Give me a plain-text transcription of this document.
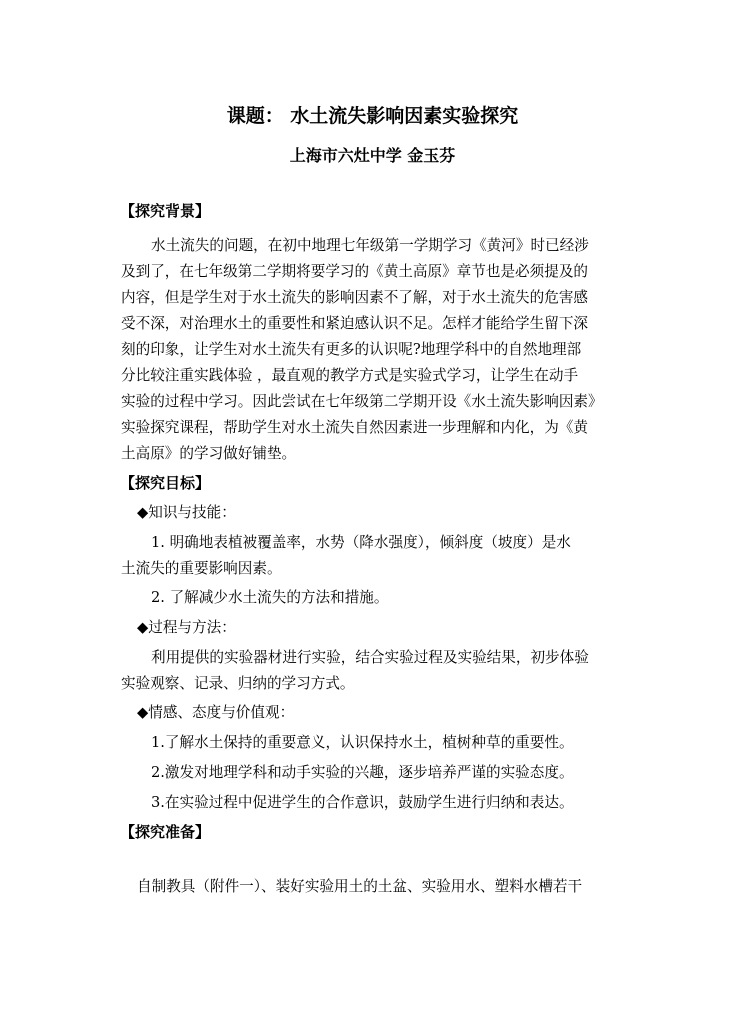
课题： 水土流失影响因素实验探究
上海市六灶中学 金玉芬
【探究背景】
水土流失的问题，在初中地理七年级第一学期学习《黄河》时已经涉
及到了，在七年级第二学期将要学习的《黄土高原》章节也是必须提及的
内容，但是学生对于水土流失的影响因素不了解，对于水土流失的危害感
受不深，对治理水土的重要性和紧迫感认识不足。怎样才能给学生留下深
刻的印象，让学生对水土流失有更多的认识呢?地理学科中的自然地理部
分比较注重实践体验 ，最直观的教学方式是实验式学习，让学生在动手
实验的过程中学习。因此尝试在七年级第二学期开设《水土流失影响因素》
实验探究课程，帮助学生对水土流失自然因素进一步理解和内化，为《黄
土高原》的学习做好铺垫。
【探究目标】
◆知识与技能：
1. 明确地表植被覆盖率，水势（降水强度），倾斜度（坡度）是水
土流失的重要影响因素。
2. 了解减少水土流失的方法和措施。
◆过程与方法：
利用提供的实验器材进行实验，结合实验过程及实验结果，初步体验
实验观察、记录、归纳的学习方式。
◆情感、态度与价值观：
1.了解水土保持的重要意义，认识保持水土，植树种草的重要性。
2.激发对地理学科和动手实验的兴趣，逐步培养严谨的实验态度。
3.在实验过程中促进学生的合作意识，鼓励学生进行归纳和表达。
【探究准备】
自制教具（附件一）、装好实验用土的土盆、实验用水、塑料水槽若干
